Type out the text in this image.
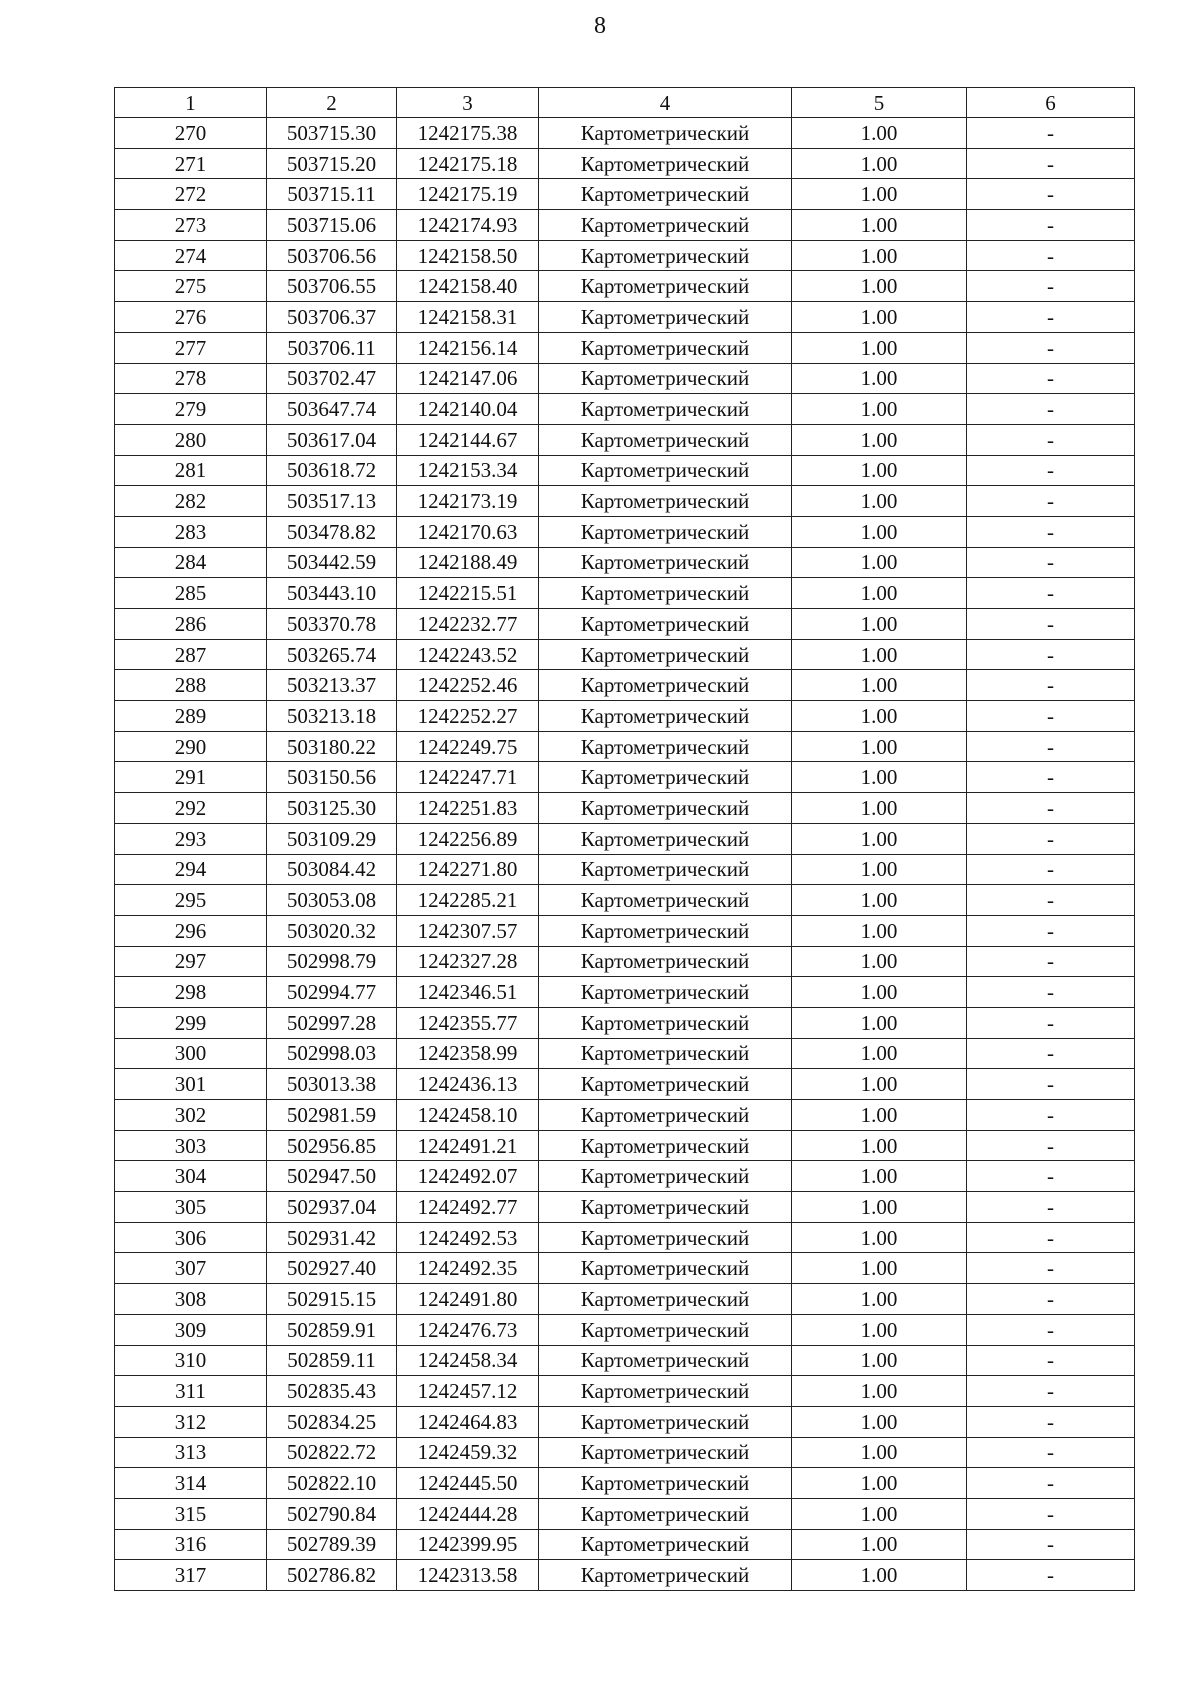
8
1	2	3	4	5	6
270	503715.30	1242175.38	Картометрический	1.00	-
271	503715.20	1242175.18	Картометрический	1.00	-
272	503715.11	1242175.19	Картометрический	1.00	-
273	503715.06	1242174.93	Картометрический	1.00	-
274	503706.56	1242158.50	Картометрический	1.00	-
275	503706.55	1242158.40	Картометрический	1.00	-
276	503706.37	1242158.31	Картометрический	1.00	-
277	503706.11	1242156.14	Картометрический	1.00	-
278	503702.47	1242147.06	Картометрический	1.00	-
279	503647.74	1242140.04	Картометрический	1.00	-
280	503617.04	1242144.67	Картометрический	1.00	-
281	503618.72	1242153.34	Картометрический	1.00	-
282	503517.13	1242173.19	Картометрический	1.00	-
283	503478.82	1242170.63	Картометрический	1.00	-
284	503442.59	1242188.49	Картометрический	1.00	-
285	503443.10	1242215.51	Картометрический	1.00	-
286	503370.78	1242232.77	Картометрический	1.00	-
287	503265.74	1242243.52	Картометрический	1.00	-
288	503213.37	1242252.46	Картометрический	1.00	-
289	503213.18	1242252.27	Картометрический	1.00	-
290	503180.22	1242249.75	Картометрический	1.00	-
291	503150.56	1242247.71	Картометрический	1.00	-
292	503125.30	1242251.83	Картометрический	1.00	-
293	503109.29	1242256.89	Картометрический	1.00	-
294	503084.42	1242271.80	Картометрический	1.00	-
295	503053.08	1242285.21	Картометрический	1.00	-
296	503020.32	1242307.57	Картометрический	1.00	-
297	502998.79	1242327.28	Картометрический	1.00	-
298	502994.77	1242346.51	Картометрический	1.00	-
299	502997.28	1242355.77	Картометрический	1.00	-
300	502998.03	1242358.99	Картометрический	1.00	-
301	503013.38	1242436.13	Картометрический	1.00	-
302	502981.59	1242458.10	Картометрический	1.00	-
303	502956.85	1242491.21	Картометрический	1.00	-
304	502947.50	1242492.07	Картометрический	1.00	-
305	502937.04	1242492.77	Картометрический	1.00	-
306	502931.42	1242492.53	Картометрический	1.00	-
307	502927.40	1242492.35	Картометрический	1.00	-
308	502915.15	1242491.80	Картометрический	1.00	-
309	502859.91	1242476.73	Картометрический	1.00	-
310	502859.11	1242458.34	Картометрический	1.00	-
311	502835.43	1242457.12	Картометрический	1.00	-
312	502834.25	1242464.83	Картометрический	1.00	-
313	502822.72	1242459.32	Картометрический	1.00	-
314	502822.10	1242445.50	Картометрический	1.00	-
315	502790.84	1242444.28	Картометрический	1.00	-
316	502789.39	1242399.95	Картометрический	1.00	-
317	502786.82	1242313.58	Картометрический	1.00	-
